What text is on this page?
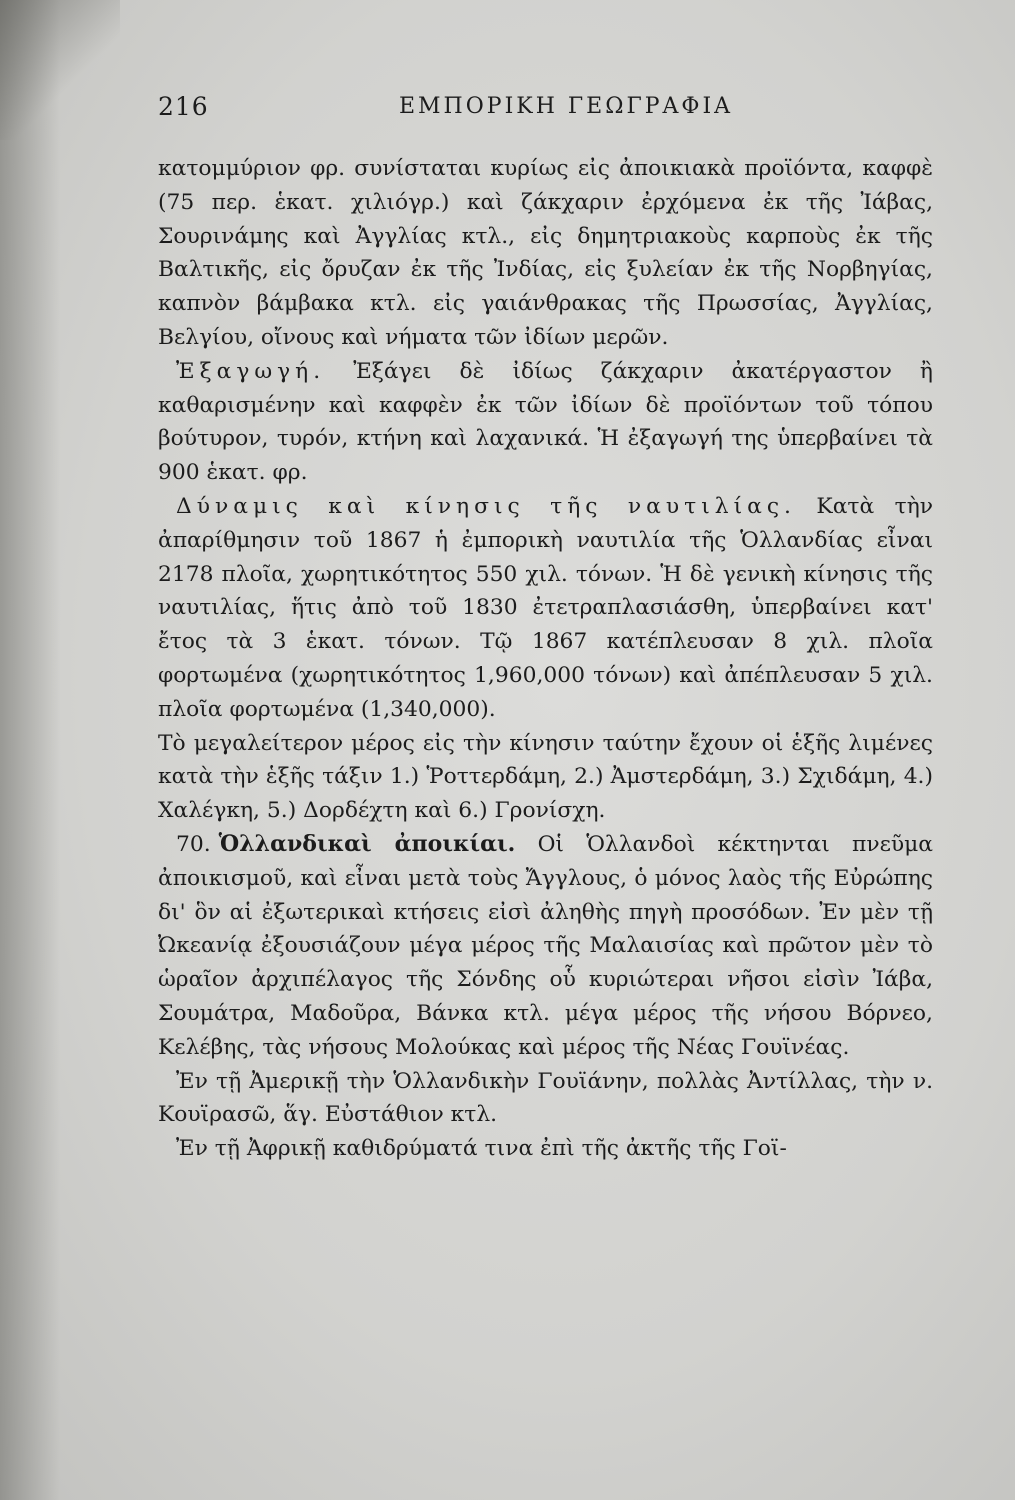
216	ΕΜΠΟΡΙΚΗ ΓΕΩΓΡΑΦΙΑ

κατομμύριον φρ. συνίσταται κυρίως εἰς ἀποικιακὰ προϊόντα, καφφὲ (75 περ. ἑκατ. χιλιόγρ.) καὶ ζάκχαριν ἐρχόμενα ἐκ τῆς Ἰάβας, Σουρινάμης καὶ Ἀγγλίας κτλ., εἰς δημητριακοὺς καρποὺς ἐκ τῆς Βαλτικῆς, εἰς ὄρυζαν ἐκ τῆς Ἰνδίας, εἰς ξυλείαν ἐκ τῆς Νορβηγίας, καπνὸν βάμβακα κτλ. εἰς γαιάνθρακας τῆς Πρωσσίας, Ἀγγλίας, Βελγίου, οἴνους καὶ νήματα τῶν ἰδίων μερῶν.

Ἐξαγωγή. Ἐξάγει δὲ ἰδίως ζάκχαριν ἀκατέργαστον ἢ καθαρισμένην καὶ καφφὲν ἐκ τῶν ἰδίων δὲ προϊόντων τοῦ τόπου βούτυρον, τυρόν, κτήνη καὶ λαχανικά. Ἡ ἐξαγωγή της ὑπερβαίνει τὰ 900 ἑκατ. φρ.

Δύναμις καὶ κίνησις τῆς ναυτιλίας. Κατὰ τὴν ἀπαρίθμησιν τοῦ 1867 ἡ ἐμπορικὴ ναυτιλία τῆς Ὁλλανδίας εἶναι 2178 πλοῖα, χωρητικότητος 550 χιλ. τόνων. Ἡ δὲ γενικὴ κίνησις τῆς ναυτιλίας, ἥτις ἀπὸ τοῦ 1830 ἐτετραπλασιάσθη, ὑπερβαίνει κατ' ἔτος τὰ 3 ἑκατ. τόνων. Τῷ 1867 κατέπλευσαν 8 χιλ. πλοῖα φορτωμένα (χωρητικότητος 1,960,000 τόνων) καὶ ἀπέπλευσαν 5 χιλ. πλοῖα φορτωμένα (1,340,000).

Τὸ μεγαλείτερον μέρος εἰς τὴν κίνησιν ταύτην ἔχουν οἱ ἑξῆς λιμένες κατὰ τὴν ἑξῆς τάξιν 1.) Ῥοττερδάμη, 2.) Ἀμστερδάμη, 3.) Σχιδάμη, 4.) Χαλέγκη, 5.) Δορδέχτη καὶ 6.) Γρονίσχη.

70. Ὁλλανδικαὶ ἀποικίαι. Οἱ Ὁλλανδοὶ κέκτηνται πνεῦμα ἀποικισμοῦ, καὶ εἶναι μετὰ τοὺς Ἄγγλους, ὁ μόνος λαὸς τῆς Εὐρώπης δι' ὃν αἱ ἐξωτερικαὶ κτήσεις εἰσὶ ἀληθὴς πηγὴ προσόδων. Ἐν μὲν τῇ Ὠκεανίᾳ ἐξουσιάζουν μέγα μέρος τῆς Μαλαισίας καὶ πρῶτον μὲν τὸ ὡραῖον ἀρχιπέλαγος τῆς Σόνδης οὗ κυριώτεραι νῆσοι εἰσὶν Ἰάβα, Σουμάτρα, Μαδοῦρα, Βάνκα κτλ. μέγα μέρος τῆς νήσου Βόρνεο, Κελέβης, τὰς νήσους Μολούκας καὶ μέρος τῆς Νέας Γουϊνέας.

Ἐν τῇ Ἀμερικῇ τὴν Ὁλλανδικὴν Γουϊάνην, πολλὰς Ἀντίλλας, τὴν ν. Κουϊρασῶ, ἅγ. Εὐστάθιον κτλ.

Ἐν τῇ Ἀφρικῇ καθιδρύματά τινα ἐπὶ τῆς ἀκτῆς τῆς Γοϊ-
